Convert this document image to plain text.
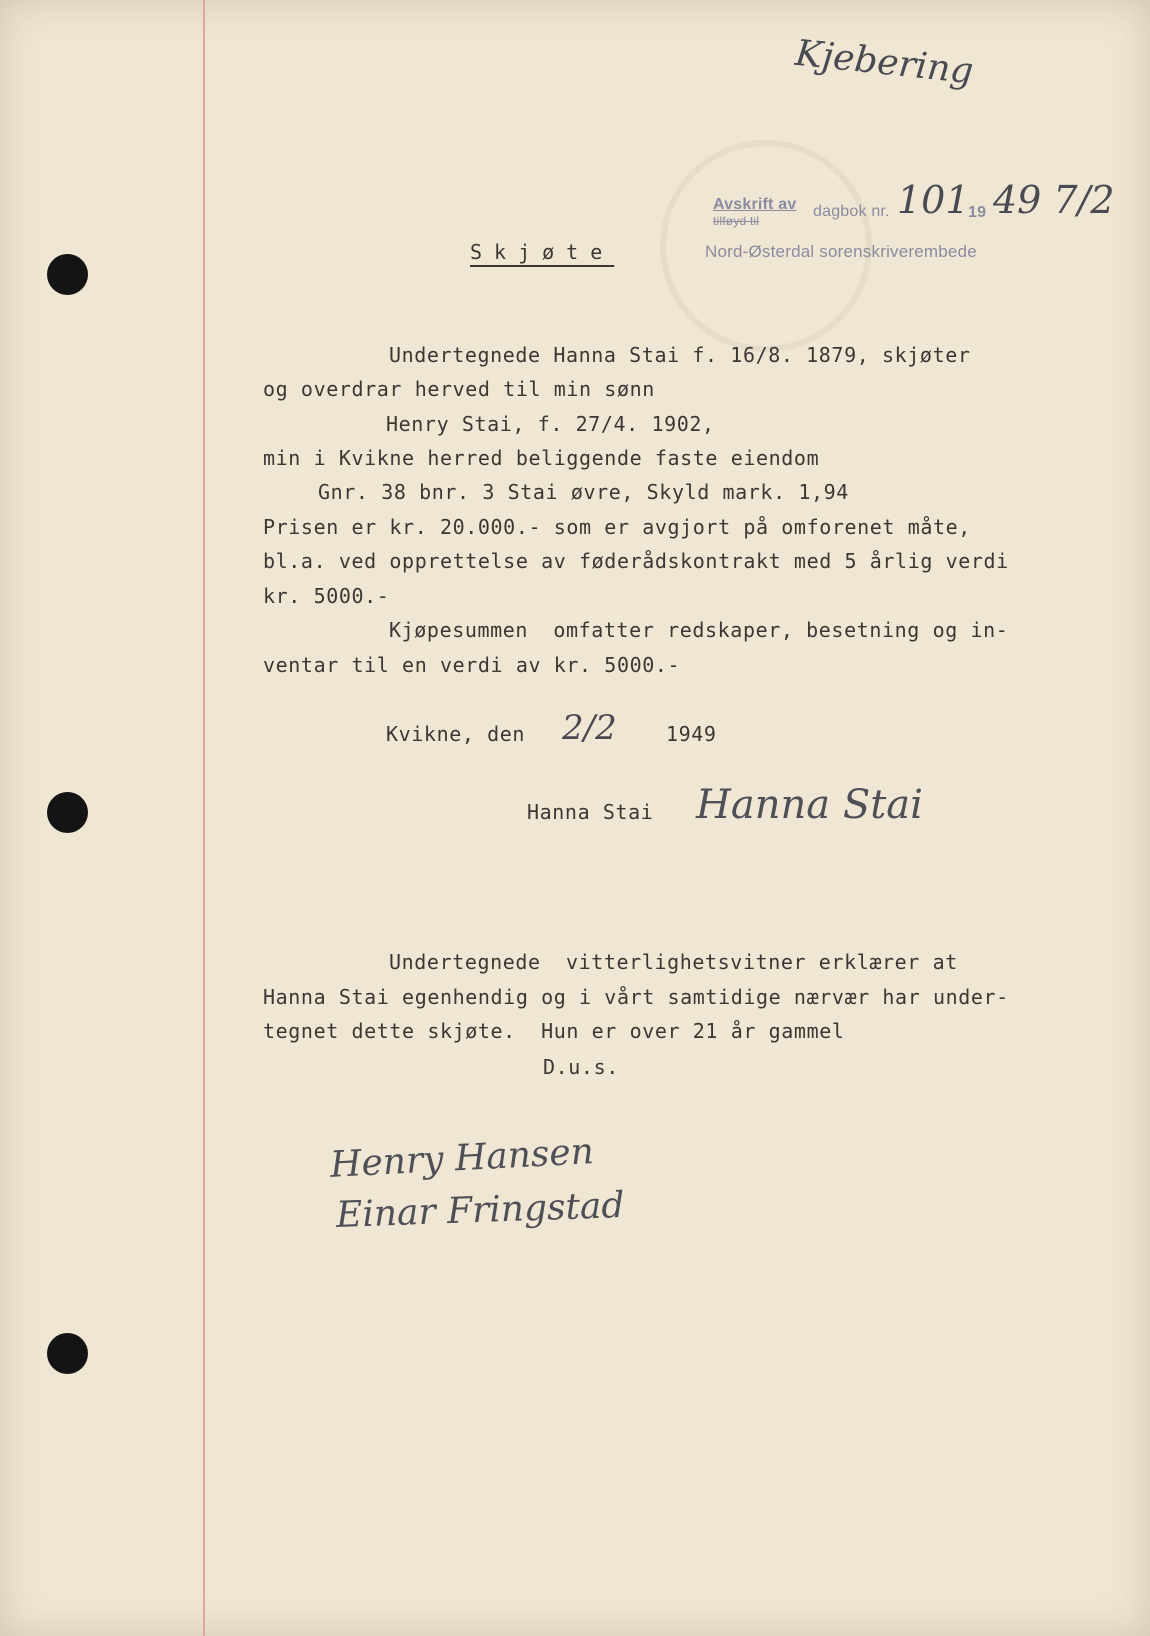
Kjebering
Avskrift av
tilføyd til
dagbok nr. 101
19 49 7/2
Nord-Østerdal sorenskriverembede
Skjøte
Undertegnede Hanna Stai f. 16/8. 1879, skjøter
og overdrar herved til min sønn
Henry Stai, f. 27/4. 1902,
min i Kvikne herred beliggende faste eiendom
Gnr. 38 bnr. 3 Stai øvre, Skyld mark. 1,94
Prisen er kr. 20.000.- som er avgjort på omforenet måte,
bl.a. ved opprettelse av føderådskontrakt med 5 årlig verdi
kr. 5000.-
Kjøpesummen  omfatter redskaper, besetning og in-
ventar til en verdi av kr. 5000.-
Kvikne, den 2/2 1949
Hanna Stai Hanna Stai
Undertegnede  vitterlighetsvitner erklærer at
Hanna Stai egenhendig og i vårt samtidige nærvær har under-
tegnet dette skjøte.  Hun er over 21 år gammel
D.u.s.
Henry Hansen
Einar Fringstad
